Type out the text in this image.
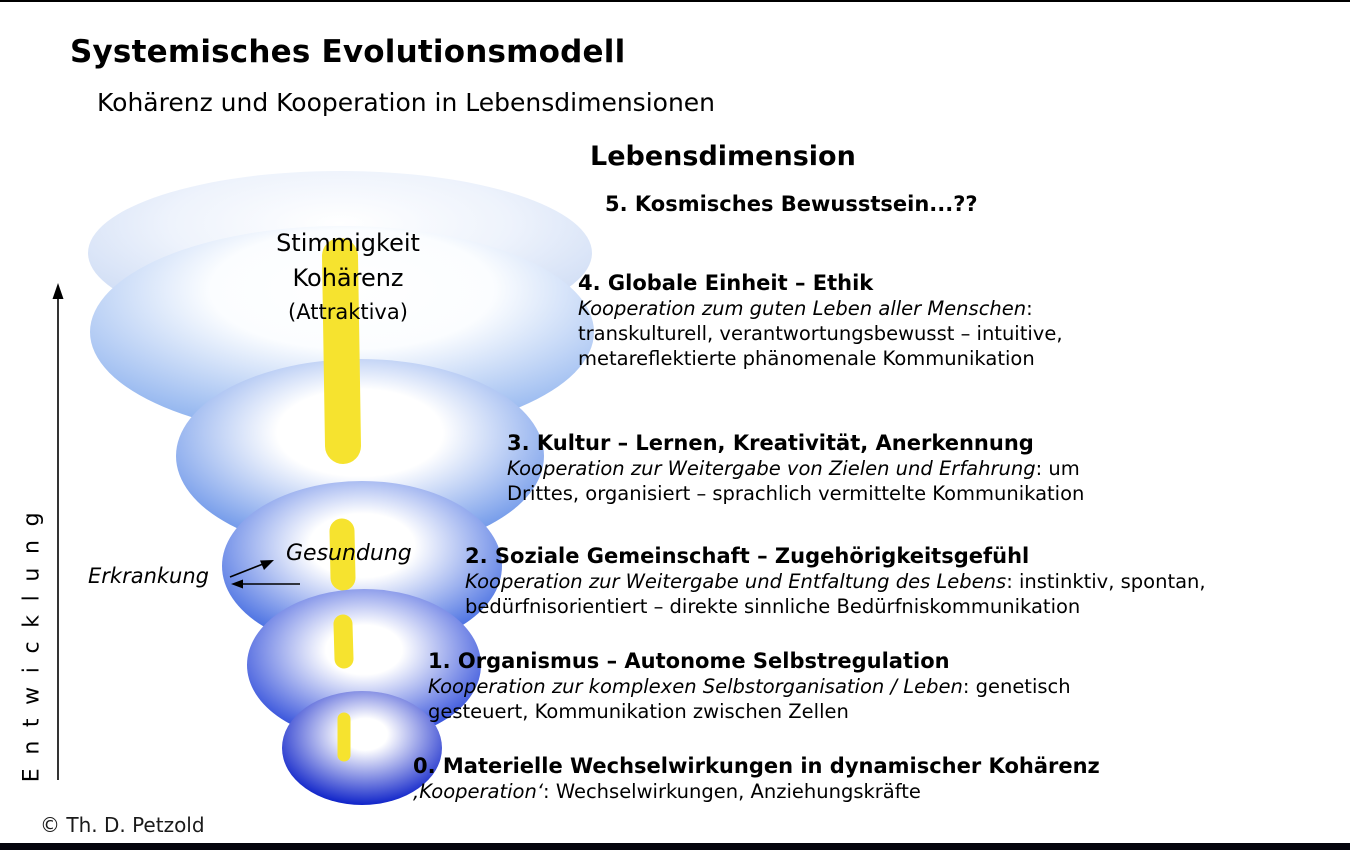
Systemisches Evolutionsmodell
Kohärenz und Kooperation in Lebensdimensionen
Lebensdimension
Stimmigkeit
Kohärenz
(Attraktiva)
5. Kosmisches Bewusstsein...??
4. Globale Einheit – Ethik
Kooperation zum guten Leben aller Menschen: transkulturell, verantwortungsbewusst – intuitive, metareflektierte phänomenale Kommunikation
3. Kultur – Lernen, Kreativität, Anerkennung
Kooperation zur Weitergabe von Zielen und Erfahrung: um Drittes, organisiert – sprachlich vermittelte Kommunikation
2. Soziale Gemeinschaft – Zugehörigkeitsgefühl
Kooperation zur Weitergabe und Entfaltung des Lebens: instinktiv, spontan, bedürfnisorientiert – direkte sinnliche Bedürfniskommunikation
1. Organismus – Autonome Selbstregulation
Kooperation zur komplexen Selbstorganisation / Leben: genetisch gesteuert, Kommunikation zwischen Zellen
0. Materielle Wechselwirkungen in dynamischer Kohärenz
‚Kooperation‘: Wechselwirkungen, Anziehungskräfte
Gesundung
Erkrankung
Entwicklung
© Th. D. Petzold
